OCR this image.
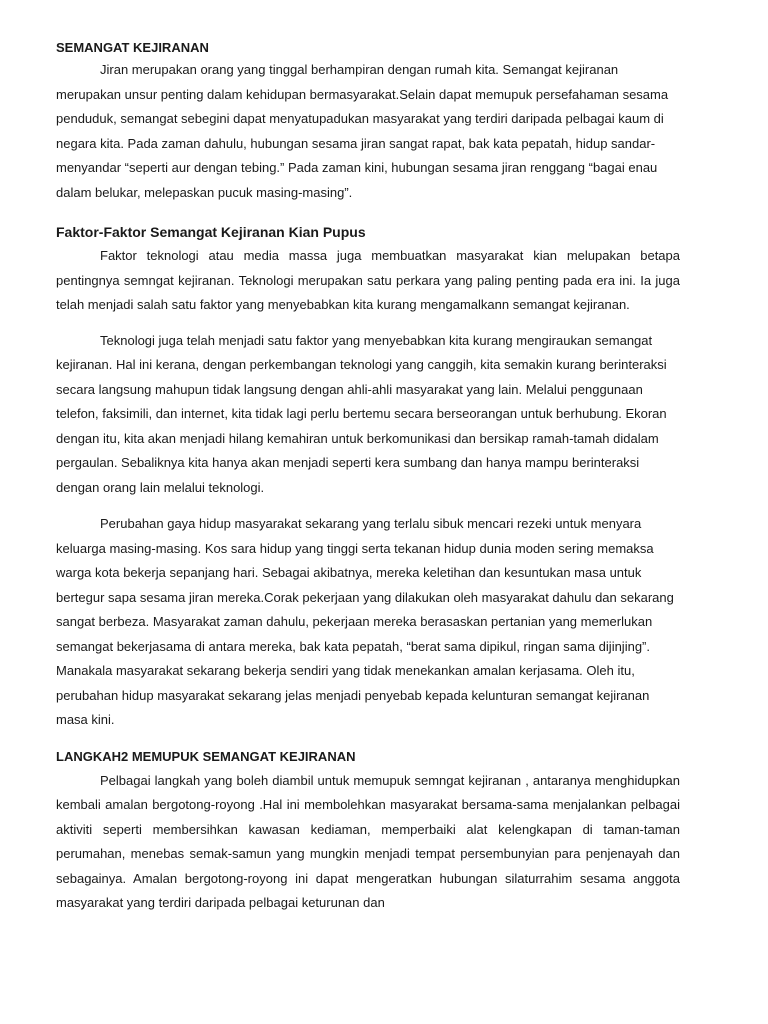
SEMANGAT KEJIRANAN

Jiran merupakan orang yang tinggal berhampiran dengan rumah kita. Semangat kejiranan merupakan unsur penting dalam kehidupan bermasyarakat.Selain dapat memupuk persefahaman sesama penduduk, semangat sebegini dapat menyatupadukan masyarakat yang terdiri daripada pelbagai kaum di negara kita. Pada zaman dahulu, hubungan sesama jiran sangat rapat, bak kata pepatah, hidup sandar-menyandar “seperti aur dengan tebing.” Pada zaman kini, hubungan sesama jiran renggang “bagai enau dalam belukar, melepaskan pucuk masing-masing”.

Faktor-Faktor Semangat Kejiranan Kian Pupus

Faktor teknologi atau media massa juga membuatkan masyarakat kian melupakan betapa pentingnya semngat kejiranan. Teknologi merupakan satu perkara yang paling penting pada era ini. Ia juga telah menjadi salah satu faktor yang menyebabkan kita kurang mengamalkann semangat kejiranan.

Teknologi juga telah menjadi satu faktor yang menyebabkan kita kurang mengiraukan semangat kejiranan. Hal ini kerana, dengan perkembangan teknologi yang canggih, kita semakin kurang berinteraksi secara langsung mahupun tidak langsung dengan ahli-ahli masyarakat yang lain. Melalui penggunaan telefon, faksimili, dan internet, kita tidak lagi perlu bertemu secara berseorangan untuk berhubung. Ekoran dengan itu, kita akan menjadi hilang kemahiran untuk berkomunikasi dan bersikap ramah-tamah didalam pergaulan. Sebaliknya kita hanya akan menjadi seperti kera sumbang dan hanya mampu berinteraksi dengan orang lain melalui teknologi.

Perubahan gaya hidup masyarakat sekarang yang terlalu sibuk mencari rezeki untuk menyara keluarga masing-masing. Kos sara hidup yang tinggi serta tekanan hidup dunia moden sering memaksa warga kota bekerja sepanjang hari. Sebagai akibatnya, mereka keletihan dan kesuntukan masa untuk bertegur sapa sesama jiran mereka.Corak pekerjaan yang dilakukan oleh masyarakat dahulu dan sekarang sangat berbeza. Masyarakat zaman dahulu, pekerjaan mereka berasaskan pertanian yang memerlukan semangat bekerjasama di antara mereka, bak kata pepatah, “berat sama dipikul, ringan sama dijinjing”. Manakala masyarakat sekarang bekerja sendiri yang tidak menekankan amalan kerjasama. Oleh itu, perubahan hidup masyarakat sekarang jelas menjadi penyebab kepada keluntur​an semangat kejiranan masa kini.

LANGKAH2 MEMUPUK SEMANGAT KEJIRANAN

Pelbagai langkah yang boleh diambil untuk memupuk semngat kejiranan , antaranya menghidupkan kembali amalan bergotong-royong .Hal ini membolehkan masyarakat bersama-sama menjalankan pelbagai aktiviti seperti membersihkan kawasan kediaman, memperbaiki alat kelengkapan di taman-taman perumahan, menebas semak-samun yang mungkin menjadi tempat persembunyian para penjenayah dan sebagainya. Amalan bergotong-royong ini dapat mengeratkan hubungan silaturrahim sesama anggota masyarakat yang terdiri daripada pelbagai keturunan dan
